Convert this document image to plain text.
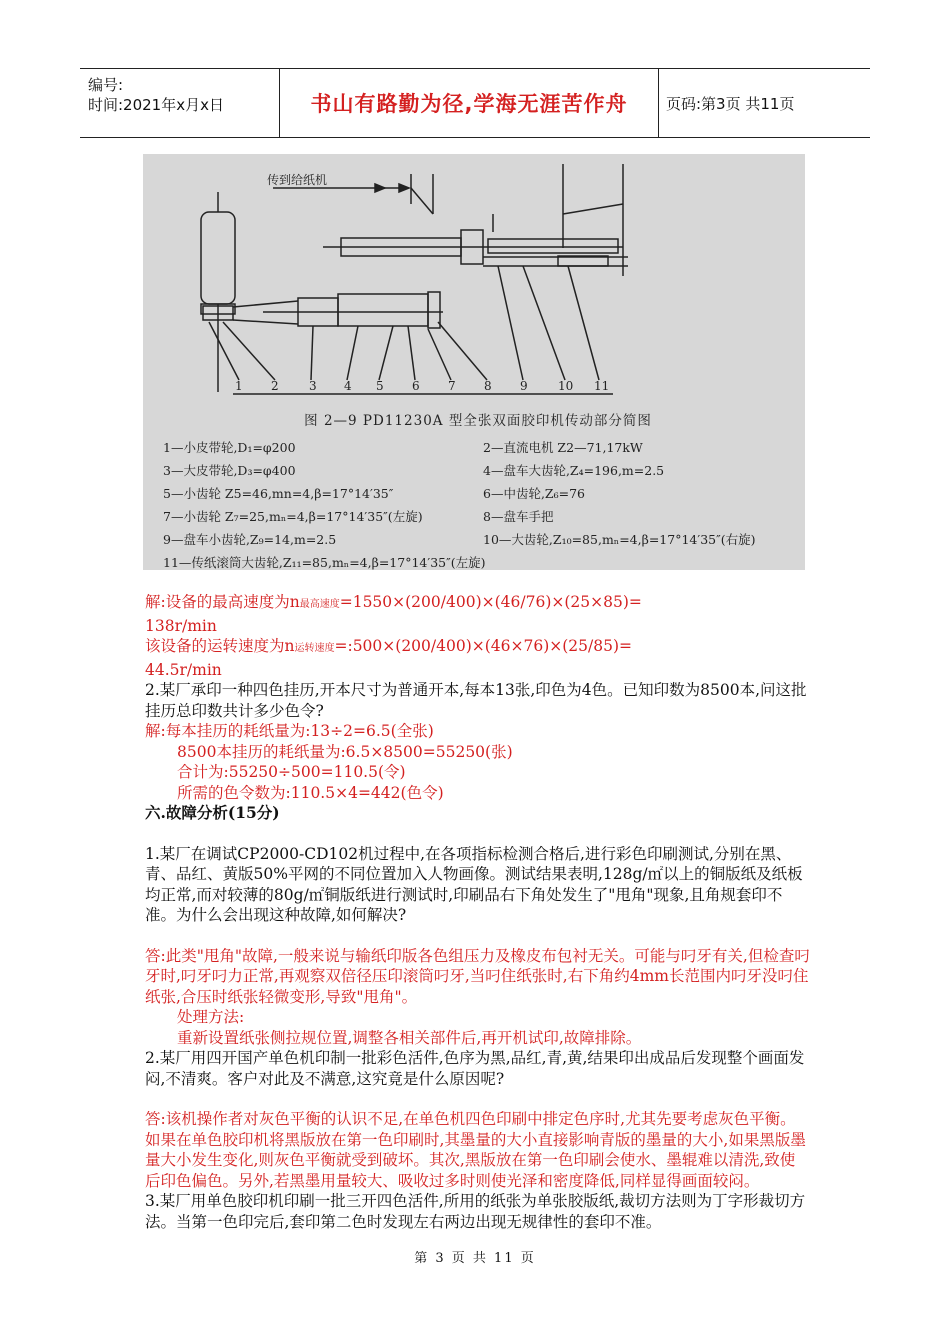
编号:
时间:2021年x月x日	书山有路勤为径,学海无涯苦作舟	页码:第3页 共11页
传到给纸机
1 2	3 4 5 6 7 8 9	10 11
图 2—9 PD11230A 型全张双面胶印机传动部分简图
1—小皮带轮,D₁=φ200	2—直流电机 Z2—71,17kW
3—大皮带轮,D₃=φ400	4—盘车大齿轮,Z₄=196,m=2.5
5—小齿轮 Z5=46,mn=4,β=17°14′35″	6—中齿轮,Z₆=76
7—小齿轮 Z₇=25,mₙ=4,β=17°14′35″(左旋)	8—盘车手把
9—盘车小齿轮,Z₉=14,m=2.5	10—大齿轮,Z₁₀=85,mₙ=4,β=17°14′35″(右旋)
11—传纸滚筒大齿轮,Z₁₁=85,mₙ=4,β=17°14′35″(左旋)

解:设备的最高速度为n最高速度=1550×(200/400)×(46/76)×(25×85)=

138r/min

该设备的运转速度为n运转速度=:500×(200/400)×(46×76)×(25/85)=

44.5r/min

2.某厂承印一种四色挂历,开本尺寸为普通开本,每本13张,印色为4色。已知印数为8500本,问这批挂历总印数共计多少色令?

解:每本挂历的耗纸量为:13÷2=6.5(全张)

8500本挂历的耗纸量为:6.5×8500=55250(张)

合计为:55250÷500=110.5(令)

所需的色令数为:110.5×4=442(色令)

六.故障分析(15分)

1.某厂在调试CP2000-CD102机过程中,在各项指标检测合格后,进行彩色印刷测试,分别在黑、青、品红、黄版50%平网的不同位置加入人物画像。测试结果表明,128g/㎡以上的铜版纸及纸板均正常,而对较薄的80g/㎡铜版纸进行测试时,印刷品右下角处发生了"甩角"现象,且角规套印不准。为什么会出现这种故障,如何解决?

答:此类"甩角"故障,一般来说与输纸印版各色组压力及橡皮布包衬无关。可能与叼牙有关,但检查叼牙时,叼牙叼力正常,再观察双倍径压印滚筒叼牙,当叼住纸张时,右下角约4mm长范围内叼牙没叼住纸张,合压时纸张轻微变形,导致"甩角"。

处理方法:

重新设置纸张侧拉规位置,调整各相关部件后,再开机试印,故障排除。

2.某厂用四开国产单色机印制一批彩色活件,色序为黑,品红,青,黄,结果印出成品后发现整个画面发闷,不清爽。客户对此及不满意,这究竟是什么原因呢?

答:该机操作者对灰色平衡的认识不足,在单色机四色印刷中排定色序时,尤其先要考虑灰色平衡。如果在单色胶印机将黑版放在第一色印刷时,其墨量的大小直接影响青版的墨量的大小,如果黑版墨量大小发生变化,则灰色平衡就受到破坏。其次,黑版放在第一色印刷会使水、墨辊难以清洗,致使后印色偏色。另外,若黑墨用量较大、吸收过多时则使光泽和密度降低,同样显得画面较闷。

3.某厂用单色胶印机印刷一批三开四色活件,所用的纸张为单张胶版纸,裁切方法则为丁字形裁切方法。当第一色印完后,套印第二色时发现左右两边出现无规律性的套印不准。

第 3 页 共 11 页
